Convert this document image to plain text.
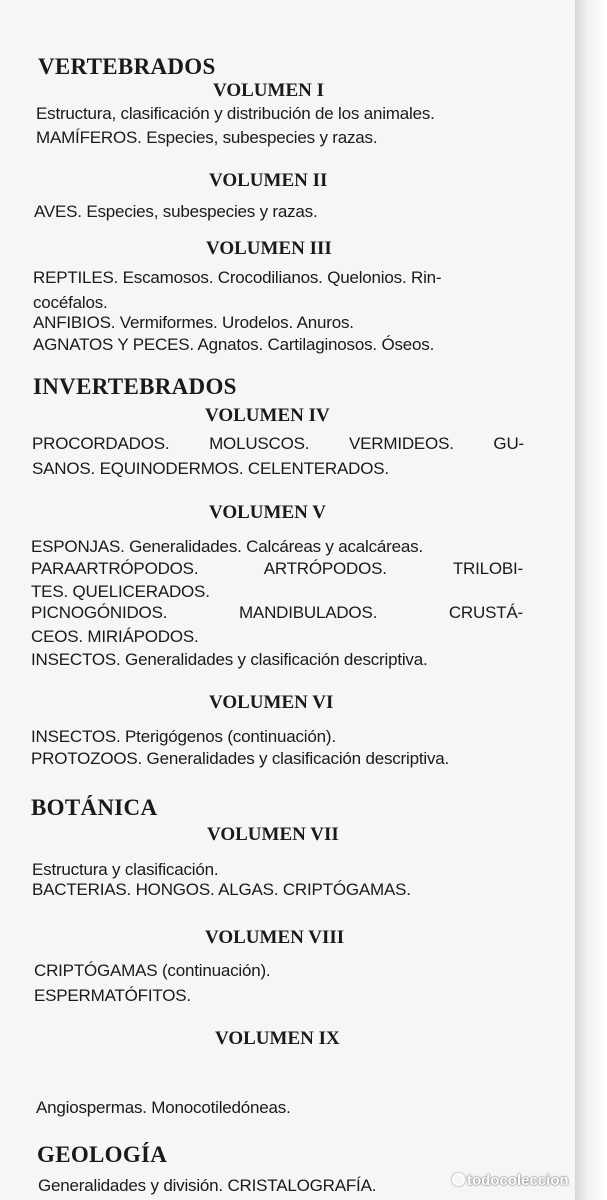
VERTEBRADOS
VOLUMEN I
Estructura, clasificación y distribución de los animales.
MAMÍFEROS. Especies, subespecies y razas.
VOLUMEN II
AVES. Especies, subespecies y razas.
VOLUMEN III
REPTILES. Escamosos. Crocodilianos. Quelonios. Rin-
cocéfalos.
ANFIBIOS. Vermiformes. Urodelos. Anuros.
AGNATOS Y PECES. Agnatos. Cartilaginosos. Óseos.
INVERTEBRADOS
VOLUMEN IV
PROCORDADOS. MOLUSCOS. VERMIDEOS. GU-
SANOS. EQUINODERMOS. CELENTERADOS.
VOLUMEN V
ESPONJAS. Generalidades. Calcáreas y acalcáreas.
PARAARTRÓPODOS. ARTRÓPODOS. TRILOBI-
TES. QUELICERADOS.
PICNOGÓNIDOS. MANDIBULADOS. CRUSTÁ-
CEOS. MIRIÁPODOS.
INSECTOS. Generalidades y clasificación descriptiva.
VOLUMEN VI
INSECTOS. Pterigógenos (continuación).
PROTOZOOS. Generalidades y clasificación descriptiva.
BOTÁNICA
VOLUMEN VII
Estructura y clasificación.
BACTERIAS. HONGOS. ALGAS. CRIPTÓGAMAS.
VOLUMEN VIII
CRIPTÓGAMAS (continuación).
ESPERMATÓFITOS.
VOLUMEN IX
Angiospermas. Monocotiledóneas.
GEOLOGÍA
Generalidades y división. CRISTALOGRAFÍA.	todocoleccion
